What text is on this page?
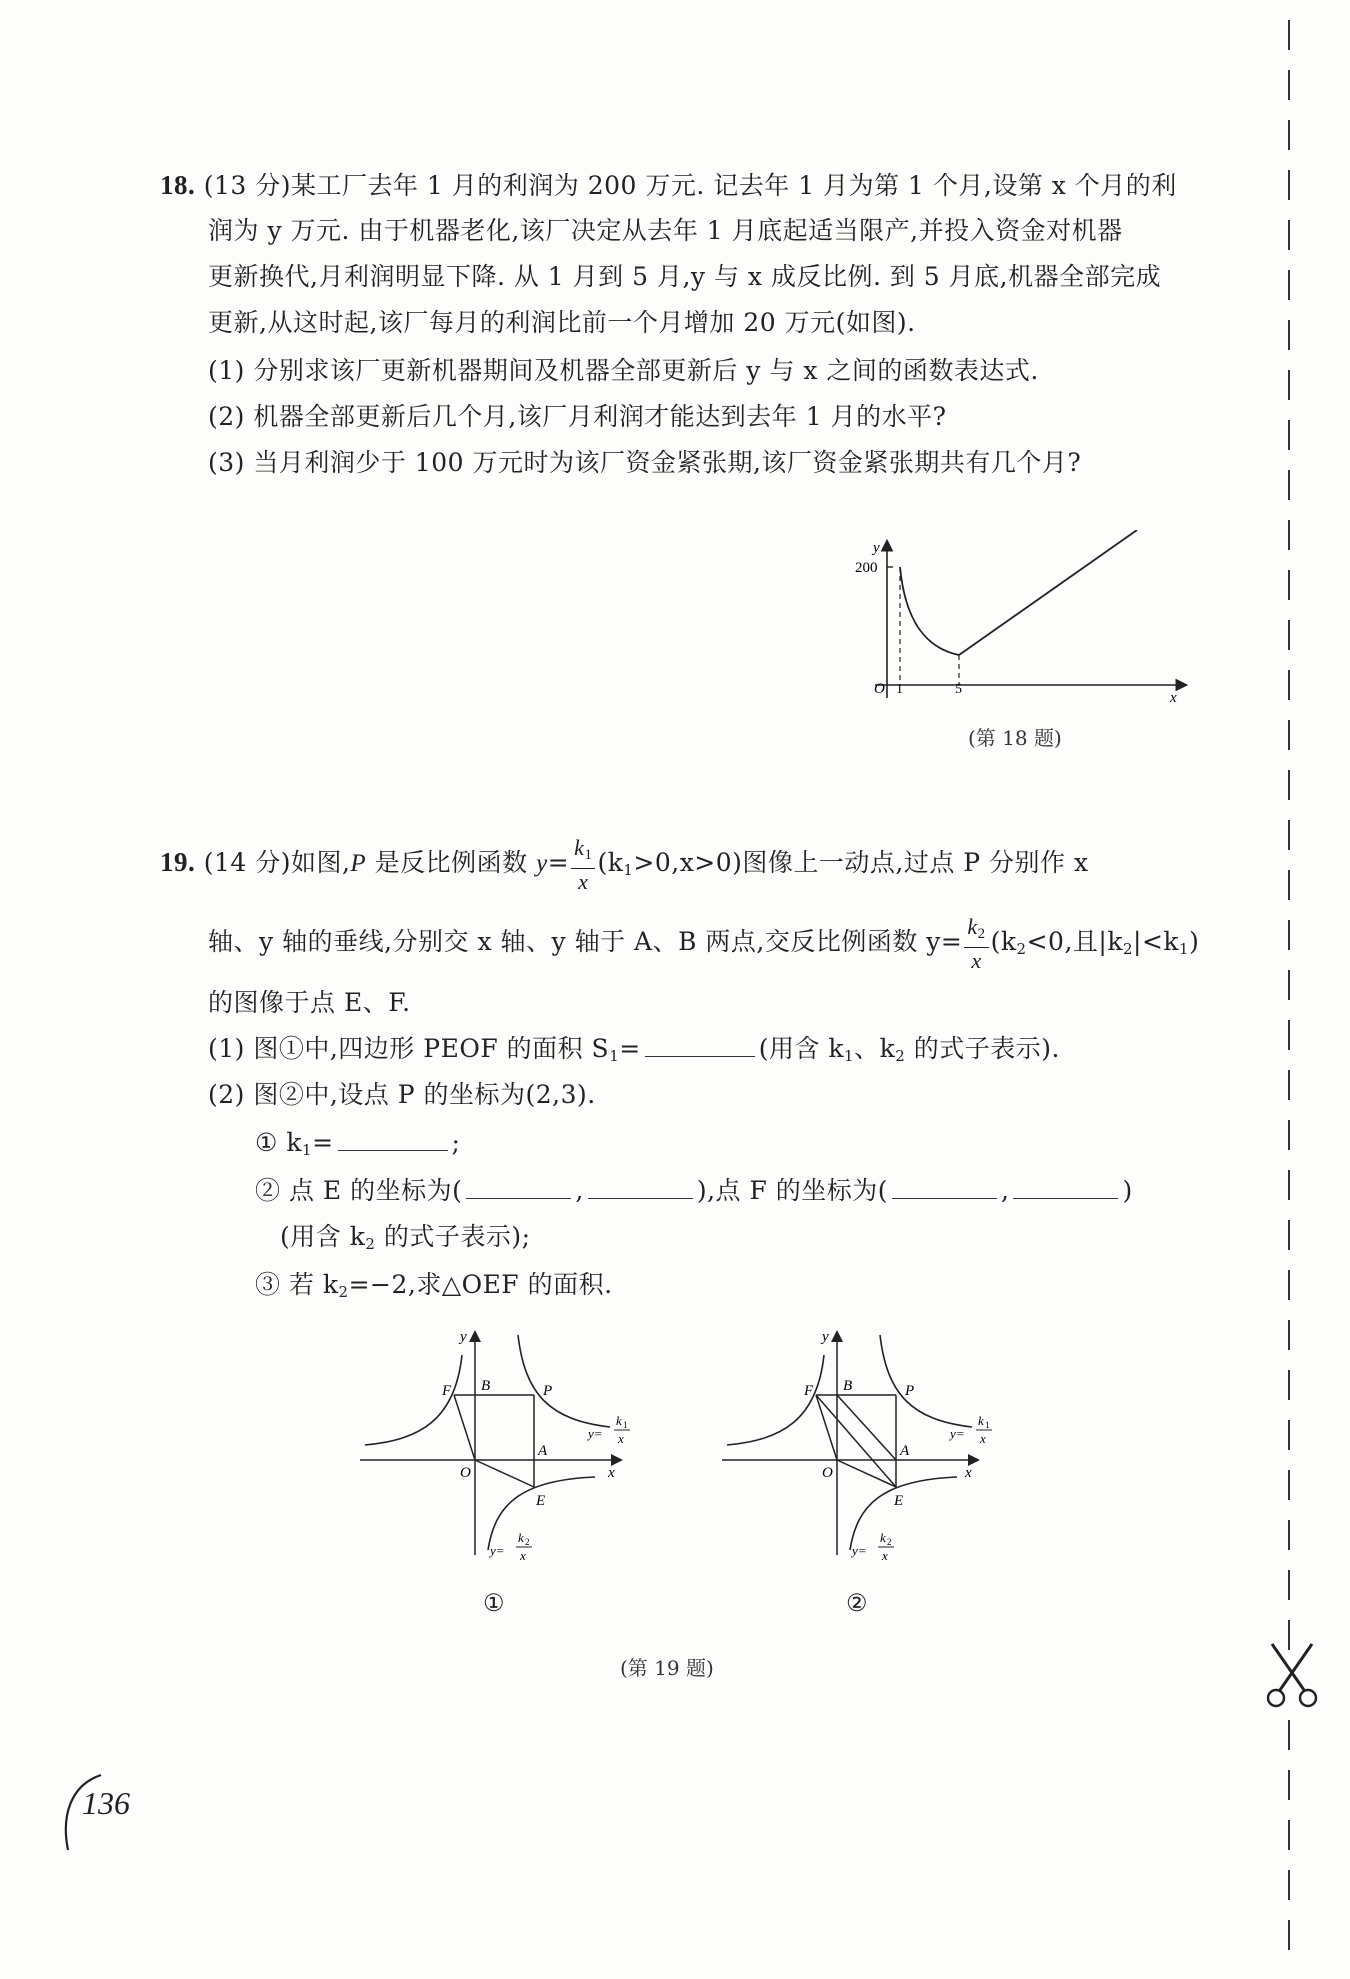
18. (13 分)某工厂去年 1 月的利润为 200 万元. 记去年 1 月为第 1 个月,设第 x 个月的利
润为 y 万元. 由于机器老化,该厂决定从去年 1 月底起适当限产,并投入资金对机器
更新换代,月利润明显下降. 从 1 月到 5 月,y 与 x 成反比例. 到 5 月底,机器全部完成
更新,从这时起,该厂每月的利润比前一个月增加 20 万元(如图).
(1) 分别求该厂更新机器期间及机器全部更新后 y 与 x 之间的函数表达式.
(2) 机器全部更新后几个月,该厂月利润才能达到去年 1 月的水平?
(3) 当月利润少于 100 万元时为该厂资金紧张期,该厂资金紧张期共有几个月?
y
x
200
O 1	5
(第 18 题)
19. (14 分)如图,P 是反比例函数 $y= \frac{k_1}{x} (k_1>0,x>0)$图像上一动点,过点 P 分别作 x
轴、y 轴的垂线,分别交 x 轴、y 轴于 A、B 两点,交反比例函数 $y= \frac{k_2}{x} (k_2<0$,且$|k_2|<k_1$)
的图像于点 E、F.
(1) 图①中,四边形 PEOF 的面积 $S_1=$	(用含 $k_1$、$k_2$ 的式子表示).
(2) 图②中,设点 P 的坐标为(2,3).
① $k_1=$	;
② 点 E 的坐标为(	,	),点 F 的坐标为(	,	)
(用含 $k_2$ 的式子表示);
③ 若 $k_2=-2$,求△OEF 的面积.
y
x
O
F B	P
A
E
y=
k 1
x
y=
k 2
x
①
y
x
O
F B	P
A
E
y=
k 1
x
y=
k 2
x
②
(第 19 题)
136
